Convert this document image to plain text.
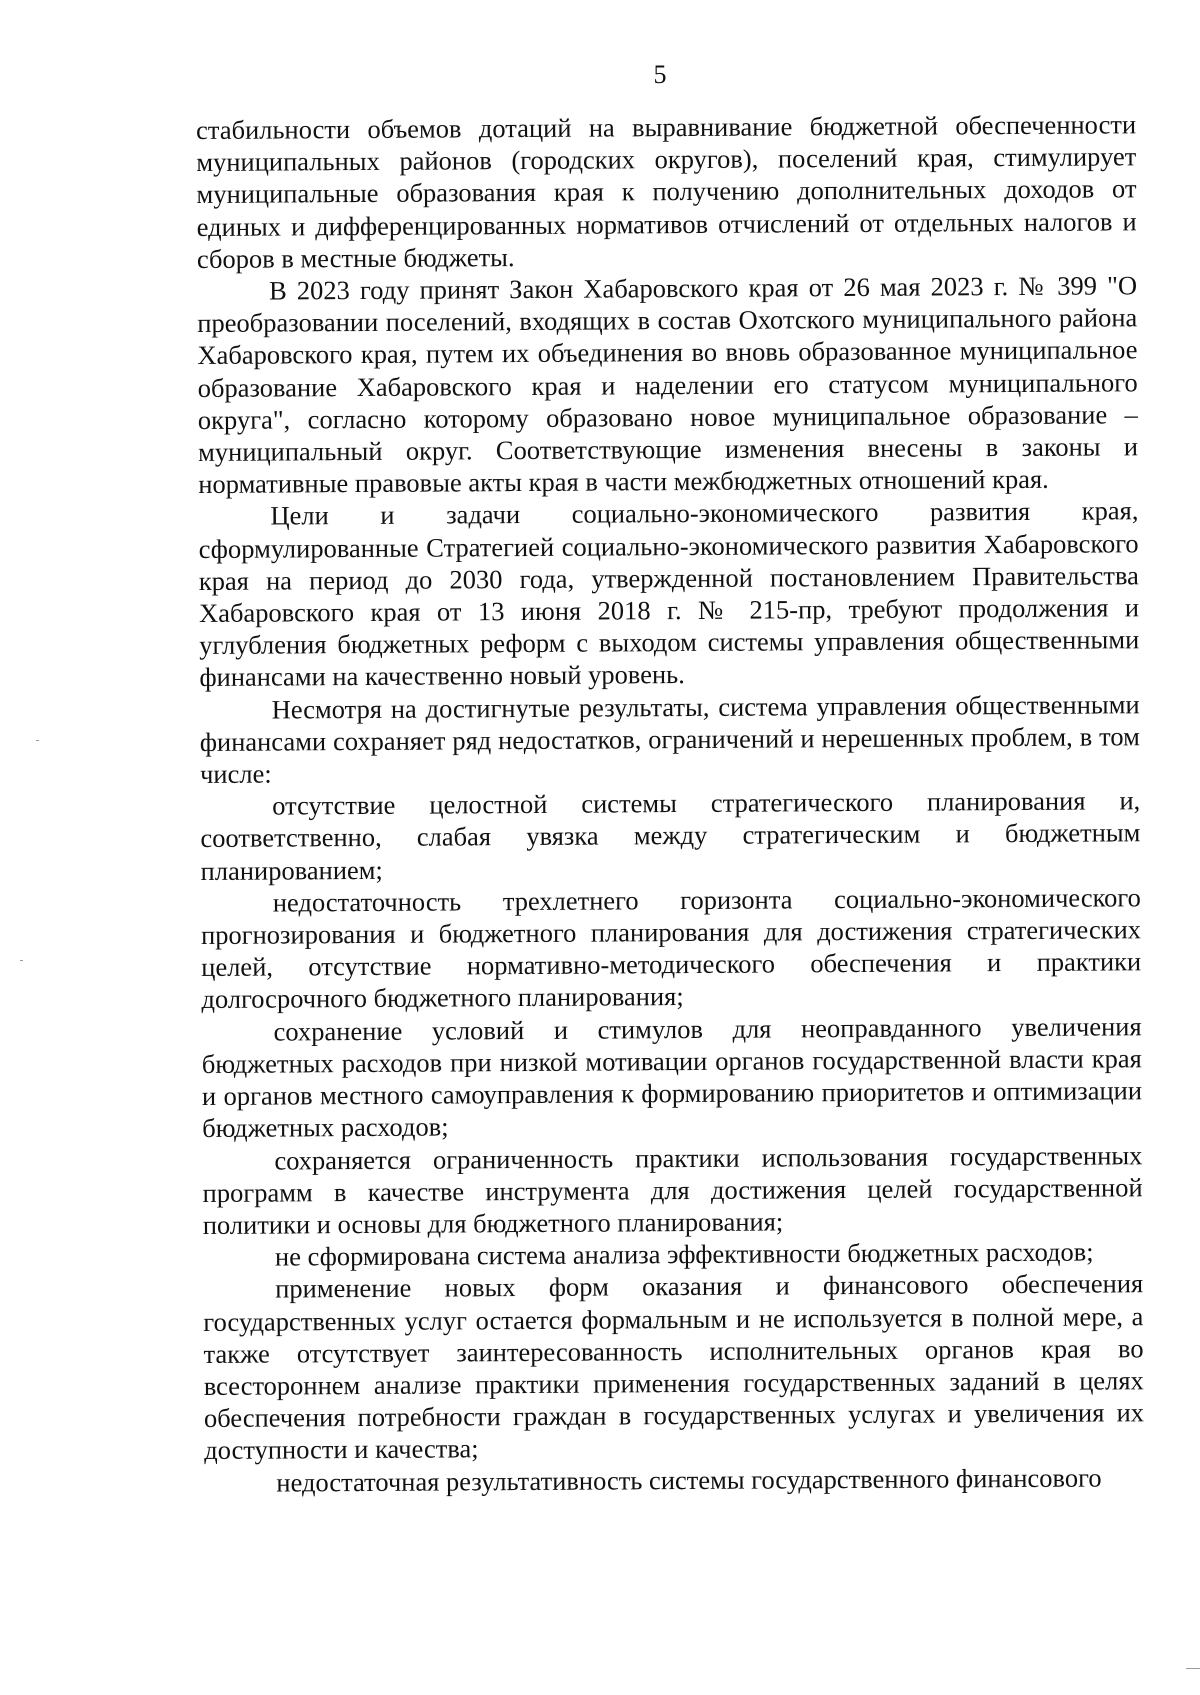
5

стабильности объемов дотаций на выравнивание бюджетной обеспеченности муниципальных районов (городских округов), поселений края, стимулирует муниципальные образования края к получению дополнительных доходов от единых и дифференцированных нормативов отчислений от отдельных налогов и сборов в местные бюджеты.

В 2023 году принят Закон Хабаровского края от 26 мая 2023 г. № 399 "О преобразовании поселений, входящих в состав Охотского муниципального района Хабаровского края, путем их объединения во вновь образованное муниципальное образование Хабаровского края и наделении его статусом муниципального округа", согласно которому образовано новое муниципальное образование – муниципальный округ. Соответствующие изменения внесены в законы и нормативные правовые акты края в части межбюджетных отношений края.

Цели и задачи социально-экономического развития края, сформулированные Стратегией социально-экономического развития Хабаровского края на период до 2030 года, утвержденной постановлением Правительства Хабаровского края от 13 июня 2018 г. № 215-пр, требуют продолжения и углубления бюджетных реформ с выходом системы управления общественными финансами на качественно новый уровень.

Несмотря на достигнутые результаты, система управления общественными финансами сохраняет ряд недостатков, ограничений и нерешенных проблем, в том числе:

отсутствие целостной системы стратегического планирования и, соответственно, слабая увязка между стратегическим и бюджетным планированием;

недостаточность трехлетнего горизонта социально-экономического прогнозирования и бюджетного планирования для достижения стратегических целей, отсутствие нормативно-методического обеспечения и практики долгосрочного бюджетного планирования;

сохранение условий и стимулов для неоправданного увеличения бюджетных расходов при низкой мотивации органов государственной власти края и органов местного самоуправления к формированию приоритетов и оптимизации бюджетных расходов;

сохраняется ограниченность практики использования государственных программ в качестве инструмента для достижения целей государственной политики и основы для бюджетного планирования;

не сформирована система анализа эффективности бюджетных расходов;

применение новых форм оказания и финансового обеспечения государственных услуг остается формальным и не используется в полной мере, а также отсутствует заинтересованность исполнительных органов края во всестороннем анализе практики применения государственных заданий в целях обеспечения потребности граждан в государственных услугах и увеличения их доступности и качества;

недостаточная результативность системы государственного финансового
